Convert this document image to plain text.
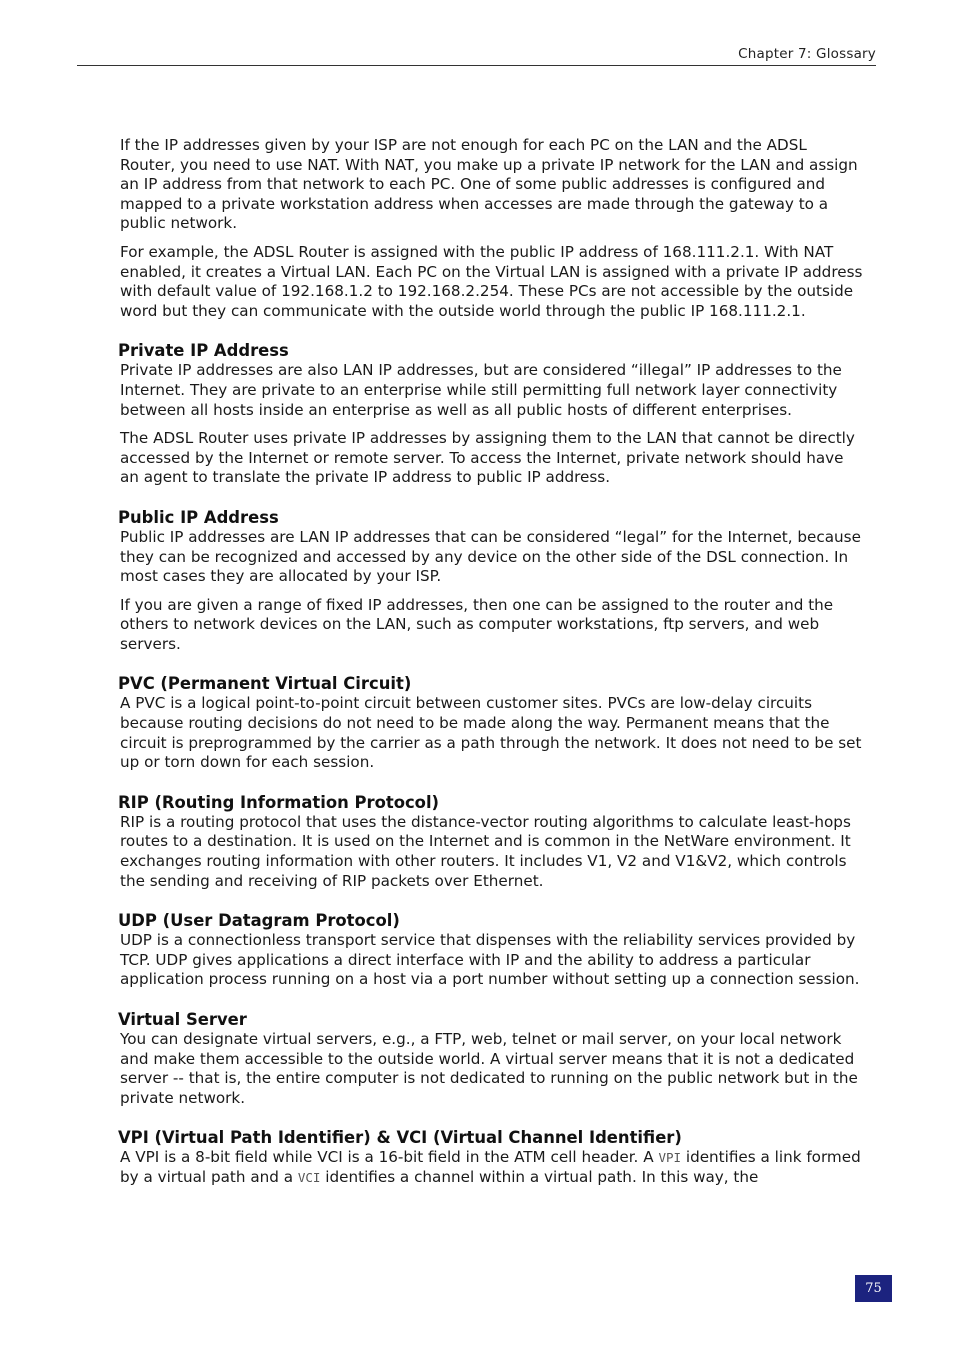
Chapter 7: Glossary

If the IP addresses given by your ISP are not enough for each PC on the LAN and the ADSL Router, you need to use NAT. With NAT, you make up a private IP network for the LAN and assign an IP address from that network to each PC. One of some public addresses is configured and mapped to a private workstation address when accesses are made through the gateway to a public network.

For example, the ADSL Router is assigned with the public IP address of 168.111.2.1. With NAT enabled, it creates a Virtual LAN. Each PC on the Virtual LAN is assigned with a private IP address with default value of 192.168.1.2 to 192.168.2.254. These PCs are not accessible by the outside word but they can communicate with the outside world through the public IP 168.111.2.1.

Private IP Address

Private IP addresses are also LAN IP addresses, but are considered “illegal” IP addresses to the Internet. They are private to an enterprise while still permitting full network layer connectivity between all hosts inside an enterprise as well as all public hosts of different enterprises.

The ADSL Router uses private IP addresses by assigning them to the LAN that cannot be directly accessed by the Internet or remote server. To access the Internet, private network should have an agent to translate the private IP address to public IP address.

Public IP Address

Public IP addresses are LAN IP addresses that can be considered “legal” for the Internet, because they can be recognized and accessed by any device on the other side of the DSL connection. In most cases they are allocated by your ISP.

If you are given a range of fixed IP addresses, then one can be assigned to the router and the others to network devices on the LAN, such as computer workstations, ftp servers, and web servers.

PVC (Permanent Virtual Circuit)

A PVC is a logical point-to-point circuit between customer sites. PVCs are low-delay circuits because routing decisions do not need to be made along the way. Permanent means that the circuit is preprogrammed by the carrier as a path through the network. It does not need to be set up or torn down for each session.

RIP (Routing Information Protocol)

RIP is a routing protocol that uses the distance-vector routing algorithms to calculate least-hops routes to a destination. It is used on the Internet and is common in the NetWare environment. It exchanges routing information with other routers. It includes V1, V2 and V1&V2, which controls the sending and receiving of RIP packets over Ethernet.

UDP (User Datagram Protocol)

UDP is a connectionless transport service that dispenses with the reliability services provided by TCP. UDP gives applications a direct interface with IP and the ability to address a particular application process running on a host via a port number without setting up a connection session.

Virtual Server

You can designate virtual servers, e.g., a FTP, web, telnet or mail server, on your local network and make them accessible to the outside world. A virtual server means that it is not a dedicated server -- that is, the entire computer is not dedicated to running on the public network but in the private network.

VPI (Virtual Path Identifier) & VCI (Virtual Channel Identifier)

A VPI is a 8-bit field while VCI is a 16-bit field in the ATM cell header. A VPI identifies a link formed by a virtual path and a VCI identifies a channel within a virtual path. In this way, the

75
